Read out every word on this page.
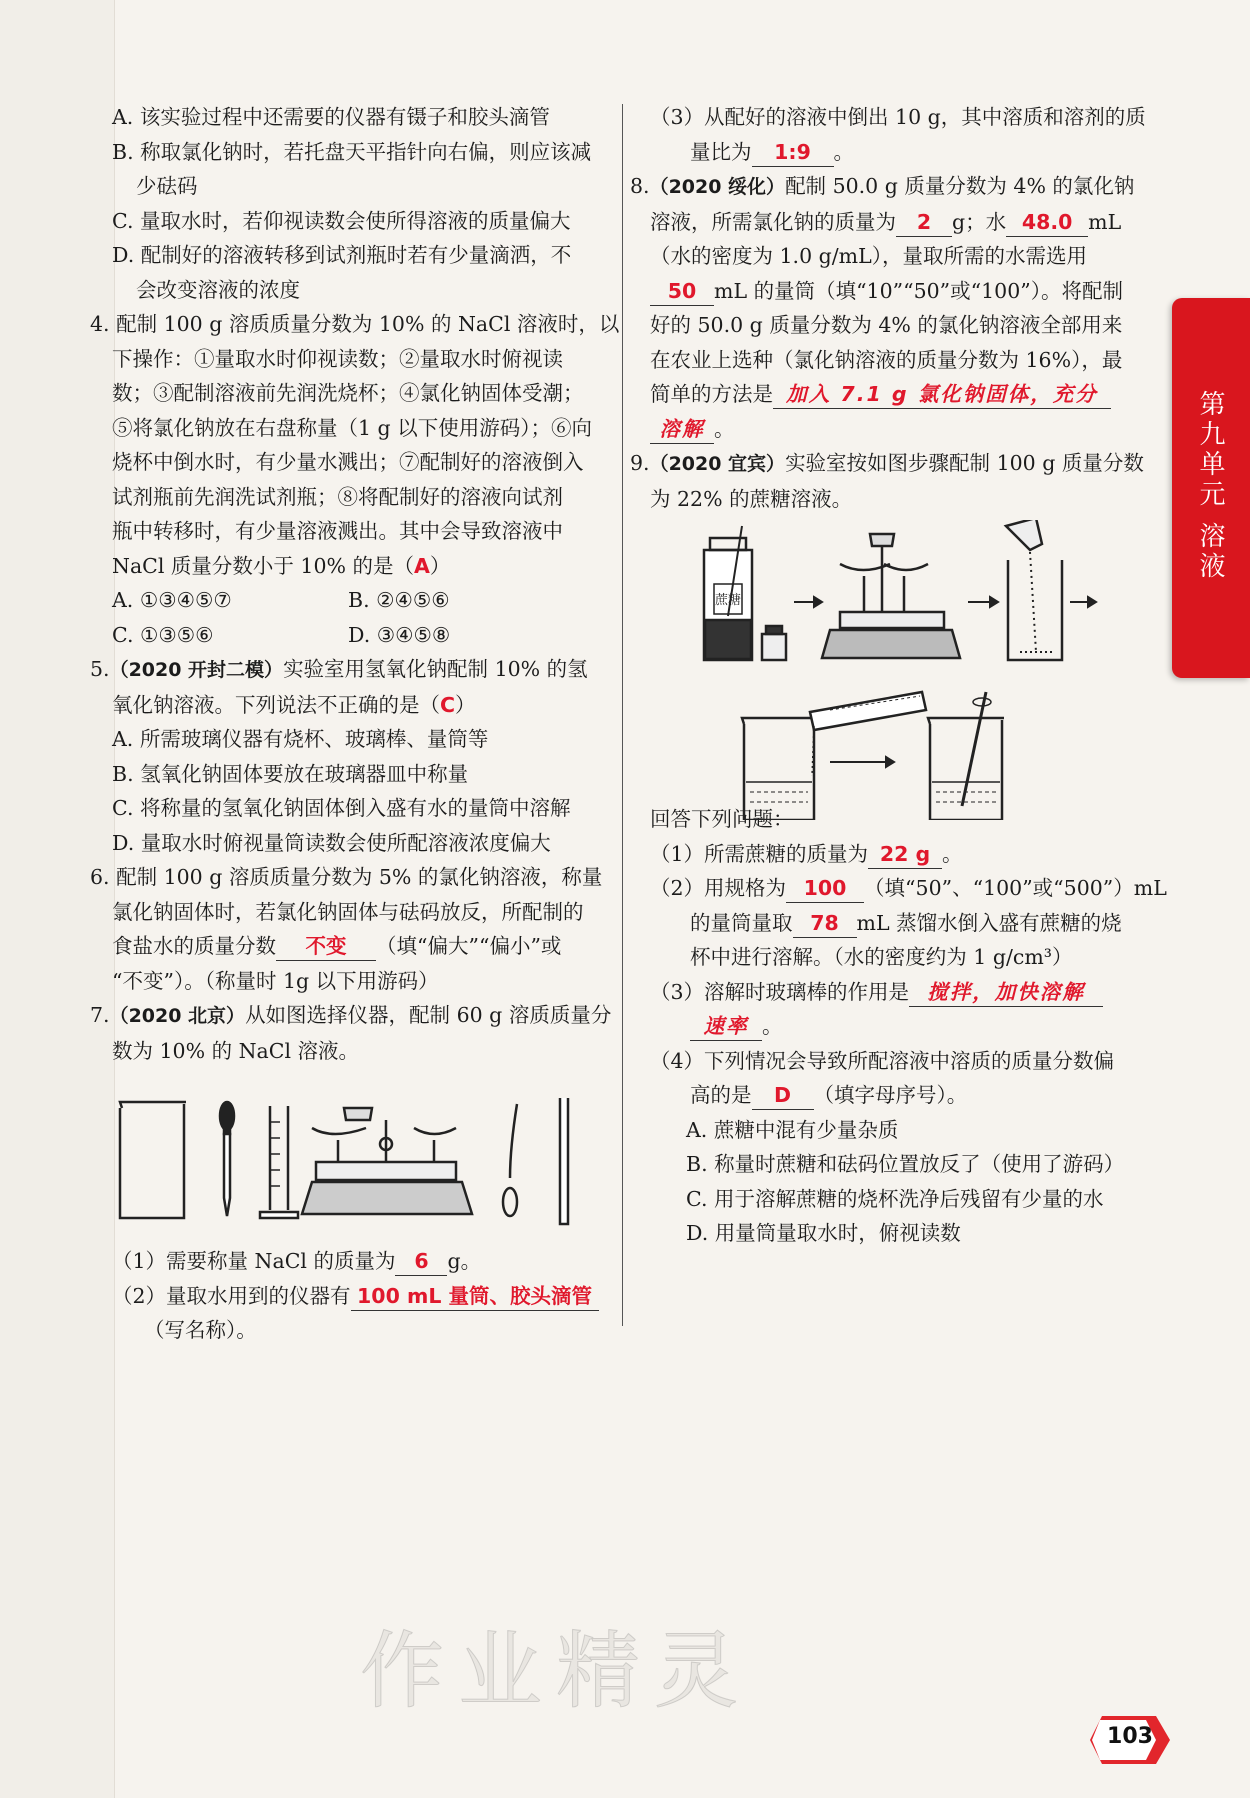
A. 该实验过程中还需要的仪器有镊子和胶头滴管
B. 称取氯化钠时，若托盘天平指针向右偏，则应该减
少砝码
C. 量取水时，若仰视读数会使所得溶液的质量偏大
D. 配制好的溶液转移到试剂瓶时若有少量滴洒，不
会改变溶液的浓度
4. 配制 100 g 溶质质量分数为 10% 的 NaCl 溶液时，以
下操作：①量取水时仰视读数；②量取水时俯视读
数；③配制溶液前先润洗烧杯；④氯化钠固体受潮；
⑤将氯化钠放在右盘称量（1 g 以下使用游码）；⑥向
烧杯中倒水时，有少量水溅出；⑦配制好的溶液倒入
试剂瓶前先润洗试剂瓶；⑧将配制好的溶液向试剂
瓶中转移时，有少量溶液溅出。其中会导致溶液中
NaCl 质量分数小于 10% 的是（A）
A. ①③④⑤⑦	B. ②④⑤⑥
C. ①③⑤⑥	D. ③④⑤⑧
5.（2020 开封二模）实验室用氢氧化钠配制 10% 的氢
氧化钠溶液。下列说法不正确的是（C）
A. 所需玻璃仪器有烧杯、玻璃棒、量筒等
B. 氢氧化钠固体要放在玻璃器皿中称量
C. 将称量的氢氧化钠固体倒入盛有水的量筒中溶解
D. 量取水时俯视量筒读数会使所配溶液浓度偏大
6. 配制 100 g 溶质质量分数为 5% 的氯化钠溶液，称量
氯化钠固体时，若氯化钠固体与砝码放反，所配制的
食盐水的质量分数 不变 （填“偏大”“偏小”或
“不变”）。（称量时 1g 以下用游码）
7.（2020 北京）从如图选择仪器，配制 60 g 溶质质量分
数为 10% 的 NaCl 溶液。
（1）需要称量 NaCl 的质量为 6 g。
（2）量取水用到的仪器有 100 mL 量筒、胶头滴管
（写名称）。
（3）从配好的溶液中倒出 10 g，其中溶质和溶剂的质
量比为 1:9 。
8.（2020 绥化）配制 50.0 g 质量分数为 4% 的氯化钠
溶液，所需氯化钠的质量为 2 g；水 48.0 mL
（水的密度为 1.0 g/mL），量取所需的水需选用
50 mL 的量筒（填“10”“50”或“100”）。将配制
好的 50.0 g 质量分数为 4% 的氯化钠溶液全部用来
在农业上选种（氯化钠溶液的质量分数为 16%），最
简单的方法是 加入 7.1 g 氯化钠固体，充分
溶解 。
9.（2020 宜宾）实验室按如图步骤配制 100 g 质量分数
为 22% 的蔗糖溶液。
回答下列问题：
（1）所需蔗糖的质量为 22 g 。
（2）用规格为 100 （填“50”、“100”或“500”）mL
的量筒量取 78 mL 蒸馏水倒入盛有蔗糖的烧
杯中进行溶解。（水的密度约为 1 g/cm³）
（3）溶解时玻璃棒的作用是 搅拌，加快溶解
速率 。
（4）下列情况会导致所配溶液中溶质的质量分数偏
高的是 D （填字母序号）。
A. 蔗糖中混有少量杂质
B. 称量时蔗糖和砝码位置放反了（使用了游码）
C. 用于溶解蔗糖的烧杯洗净后残留有少量的水
D. 用量筒量取水时，俯视读数
蔗糖
第九单元 溶液
作业精灵
103
